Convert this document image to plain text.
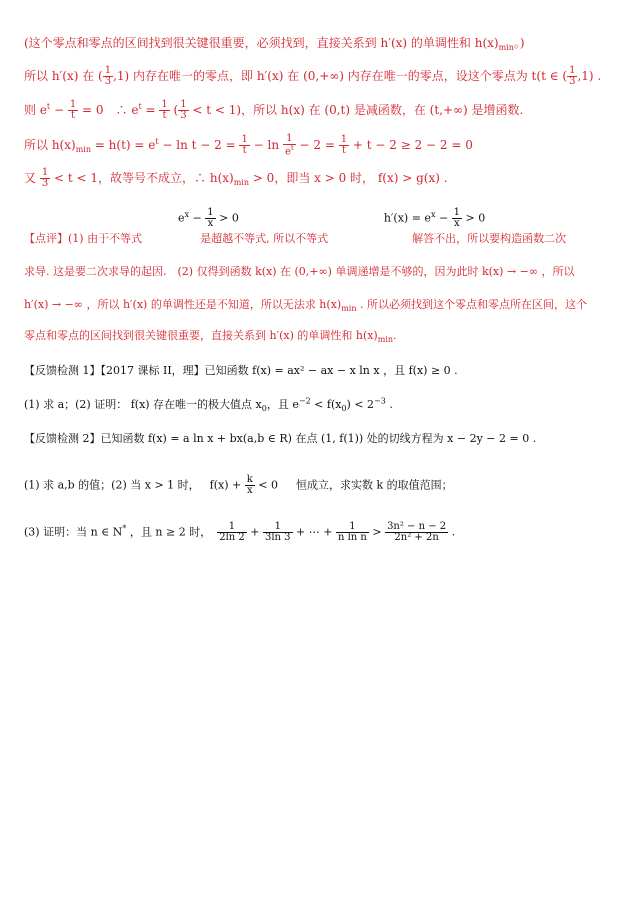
(这个零点和零点的区间找到很关键很重要，必须找到，直接关系到 h′(x) 的单调性和 $h(x)_{min}$。)
所以 h′(x) 在 ( $\frac{1}{3} ,1$) 内存在唯一的零点，即 h′(x) 在 (0,+∞) 内存在唯一的零点，设这个零点为 t(t ∈ ( $\frac{1}{3} ,1$) .
则 $e^t - \frac{1}{t} = 0$　∴ $e^t = \frac{1}{t}$ ( $\frac{1}{3} < t < 1$)，所以 h(x) 在 (0,t) 是减函数，在 (t,+∞) 是增函数.
所以 $h(x)_{min} = h(t) = e^t - \ln t - 2 = \frac{1}{t} - \ln \frac{1}{e^t} - 2 = \frac{1}{t} + t - 2 \ge 2 - 2 = 0$
又 $\frac{1}{3} < t < 1$，故等号不成立，∴ $h(x)_{min} > 0$，即当 x > 0 时， f(x) > g(x) .
$e^x - \frac{1}{x} > 0$	$h'(x) = e^x - \frac{1}{x} > 0$
【点评】(1) 由于不等式	是超越不等式, 所以不等式	解答不出，所以要构造函数二次
求导. 这是要二次求导的起因.　(2) 仅得到函数 k(x) 在 (0,+∞) 单调递增是不够的，因为此时 k(x) → −∞ ，所以
h′(x) → −∞ ，所以 h′(x) 的单调性还是不知道，所以无法求 $h(x)_{min}$ . 所以必须找到这个零点和零点所在区间，这个
零点和零点的区间找到很关键很重要，直接关系到 h′(x) 的单调性和 $h(x)_{min}$.
【反馈检测 1】【2017 课标 II，理】已知函数 f(x) = ax² − ax − x ln x ，且 f(x) ≥ 0 .
(1) 求 a；(2) 证明： f(x) 存在唯一的极大值点 $x_0$，且 $e^{-2} < f(x_0) < 2^{-3}$ .
【反馈检测 2】已知函数 f(x) = a ln x + bx(a,b ∈ R) 在点 (1, f(1)) 处的切线方程为 x − 2y − 2 = 0 .
(1) 求 a,b 的值；(2) 当 x > 1 时， $f(x) + \frac{k}{x} < 0$ 恒成立，求实数 k 的取值范围；
(3) 证明：当 n ∈ N* ，且 n ≥ 2 时， $\frac{1}{2\ln 2} + \frac{1}{3\ln 3}$ + ⋯ + $\frac{1}{\text{n ln n}} > \frac{\text{3n² − n − 2}}{\text{2n² + 2n}}$ .
